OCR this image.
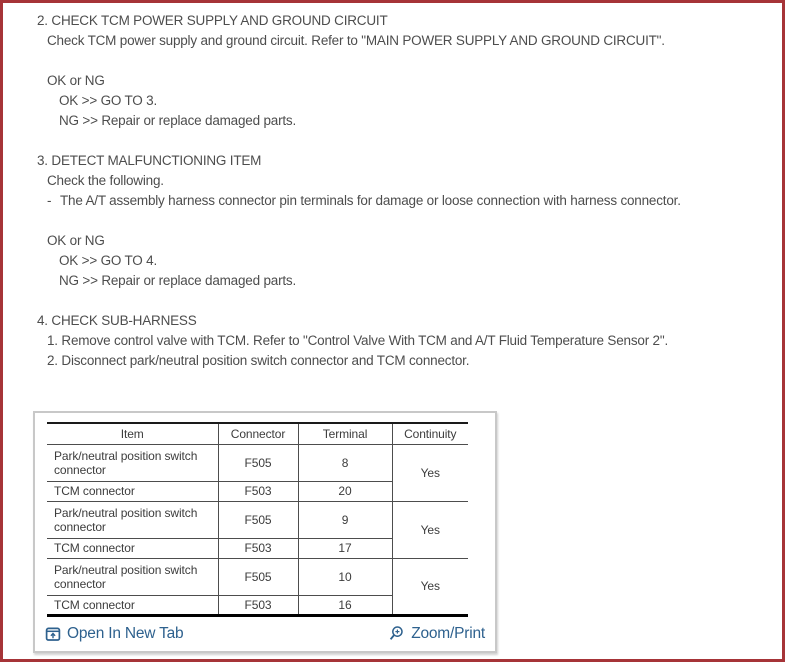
2. CHECK TCM POWER SUPPLY AND GROUND CIRCUIT
Check TCM power supply and ground circuit. Refer to "MAIN POWER SUPPLY AND GROUND CIRCUIT".
OK or NG
OK >> GO TO 3.
NG >> Repair or replace damaged parts.
3. DETECT MALFUNCTIONING ITEM
Check the following.
- The A/T assembly harness connector pin terminals for damage or loose connection with harness connector.
OK or NG
OK >> GO TO 4.
NG >> Repair or replace damaged parts.
4. CHECK SUB-HARNESS
1. Remove control valve with TCM. Refer to "Control Valve With TCM and A/T Fluid Temperature Sensor 2".
2. Disconnect park/neutral position switch connector and TCM connector.
Item	Connector	Terminal	Continuity
Park/neutral position switch connector	F505	8	Yes
TCM connector	F503	20	
Park/neutral position switch connector	F505	9	Yes
TCM connector	F503	17	
Park/neutral position switch connector	F505	10	Yes
TCM connector	F503	16	
Open In New Tab	Zoom/Print
